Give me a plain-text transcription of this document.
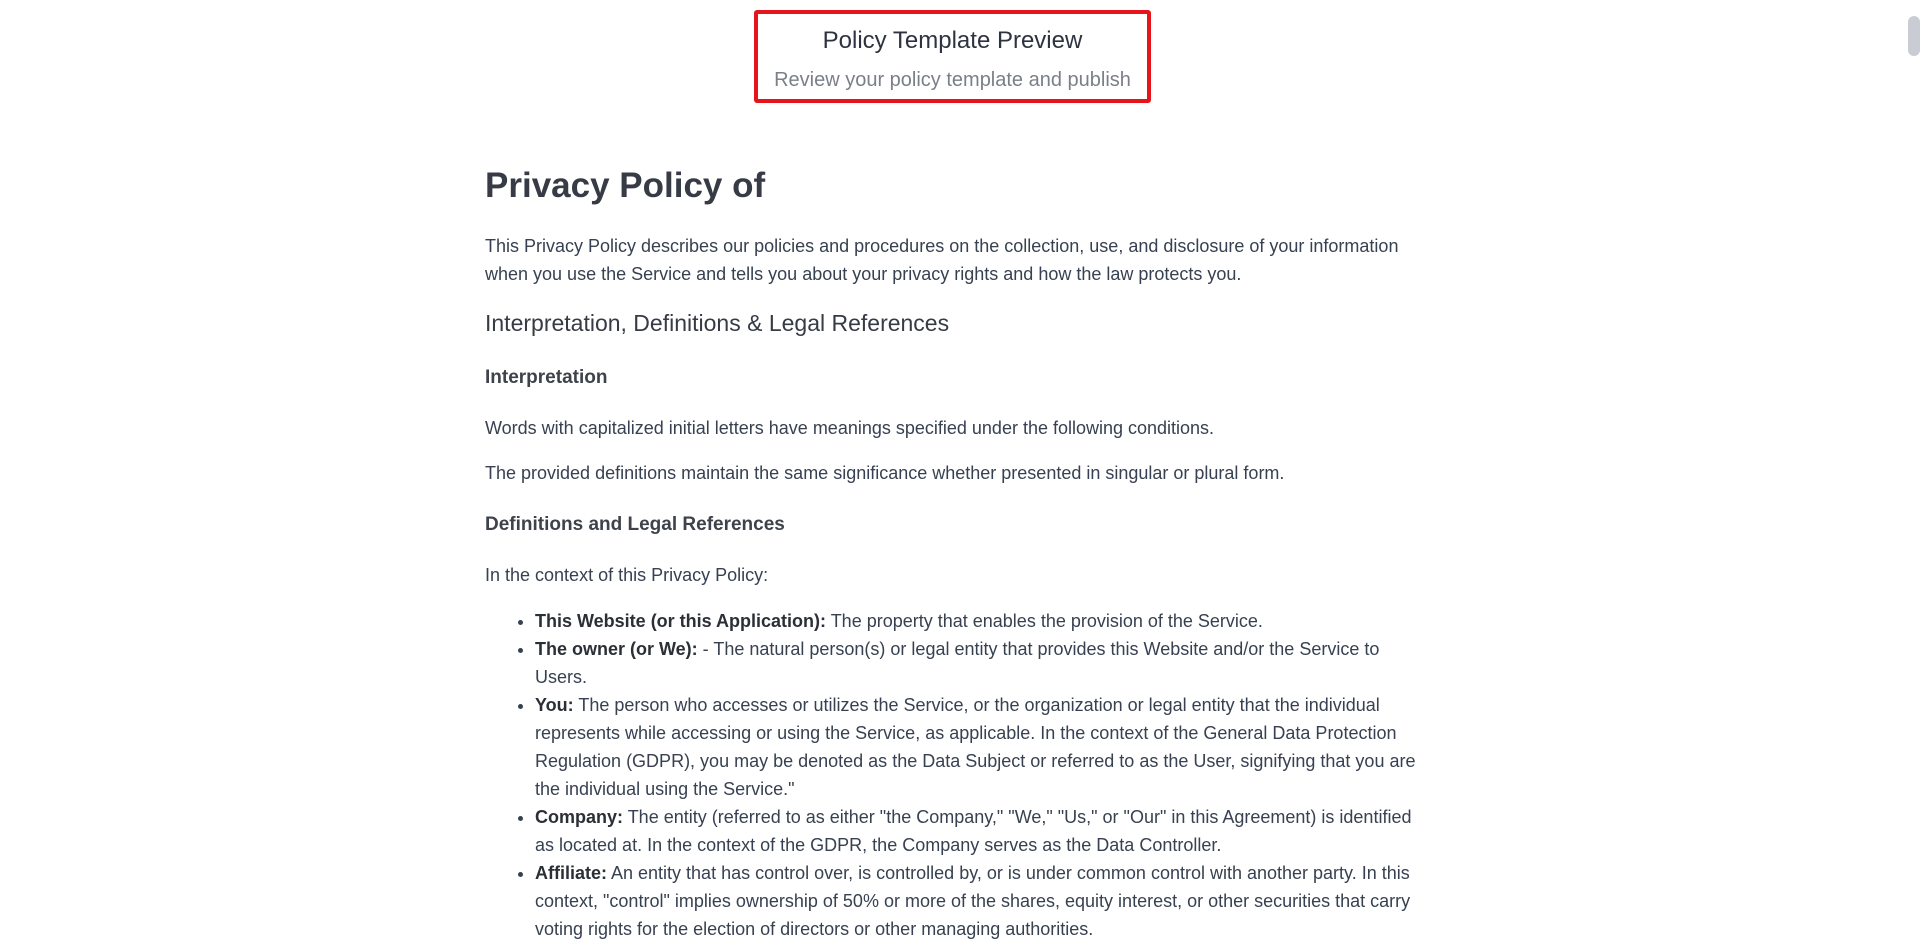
Policy Template Preview
Review your policy template and publish
Privacy Policy of

This Privacy Policy describes our policies and procedures on the collection, use, and disclosure of your information when you use the Service and tells you about your privacy rights and how the law protects you.

Interpretation, Definitions & Legal References
Interpretation

Words with capitalized initial letters have meanings specified under the following conditions.

The provided definitions maintain the same significance whether presented in singular or plural form.

Definitions and Legal References

In the context of this Privacy Policy:

• This Website (or this Application): The property that enables the provision of the Service.
• The owner (or We): - The natural person(s) or legal entity that provides this Website and/or the Service to Users.
• You: The person who accesses or utilizes the Service, or the organization or legal entity that the individual represents while accessing or using the Service, as applicable. In the context of the General Data Protection Regulation (GDPR), you may be denoted as the Data Subject or referred to as the User, signifying that you are the individual using the Service."
• Company: The entity (referred to as either "the Company," "We," "Us," or "Our" in this Agreement) is identified as located at. In the context of the GDPR, the Company serves as the Data Controller.
• Affiliate: An entity that has control over, is controlled by, or is under common control with another party. In this context, "control" implies ownership of 50% or more of the shares, equity interest, or other securities that carry voting rights for the election of directors or other managing authorities.
